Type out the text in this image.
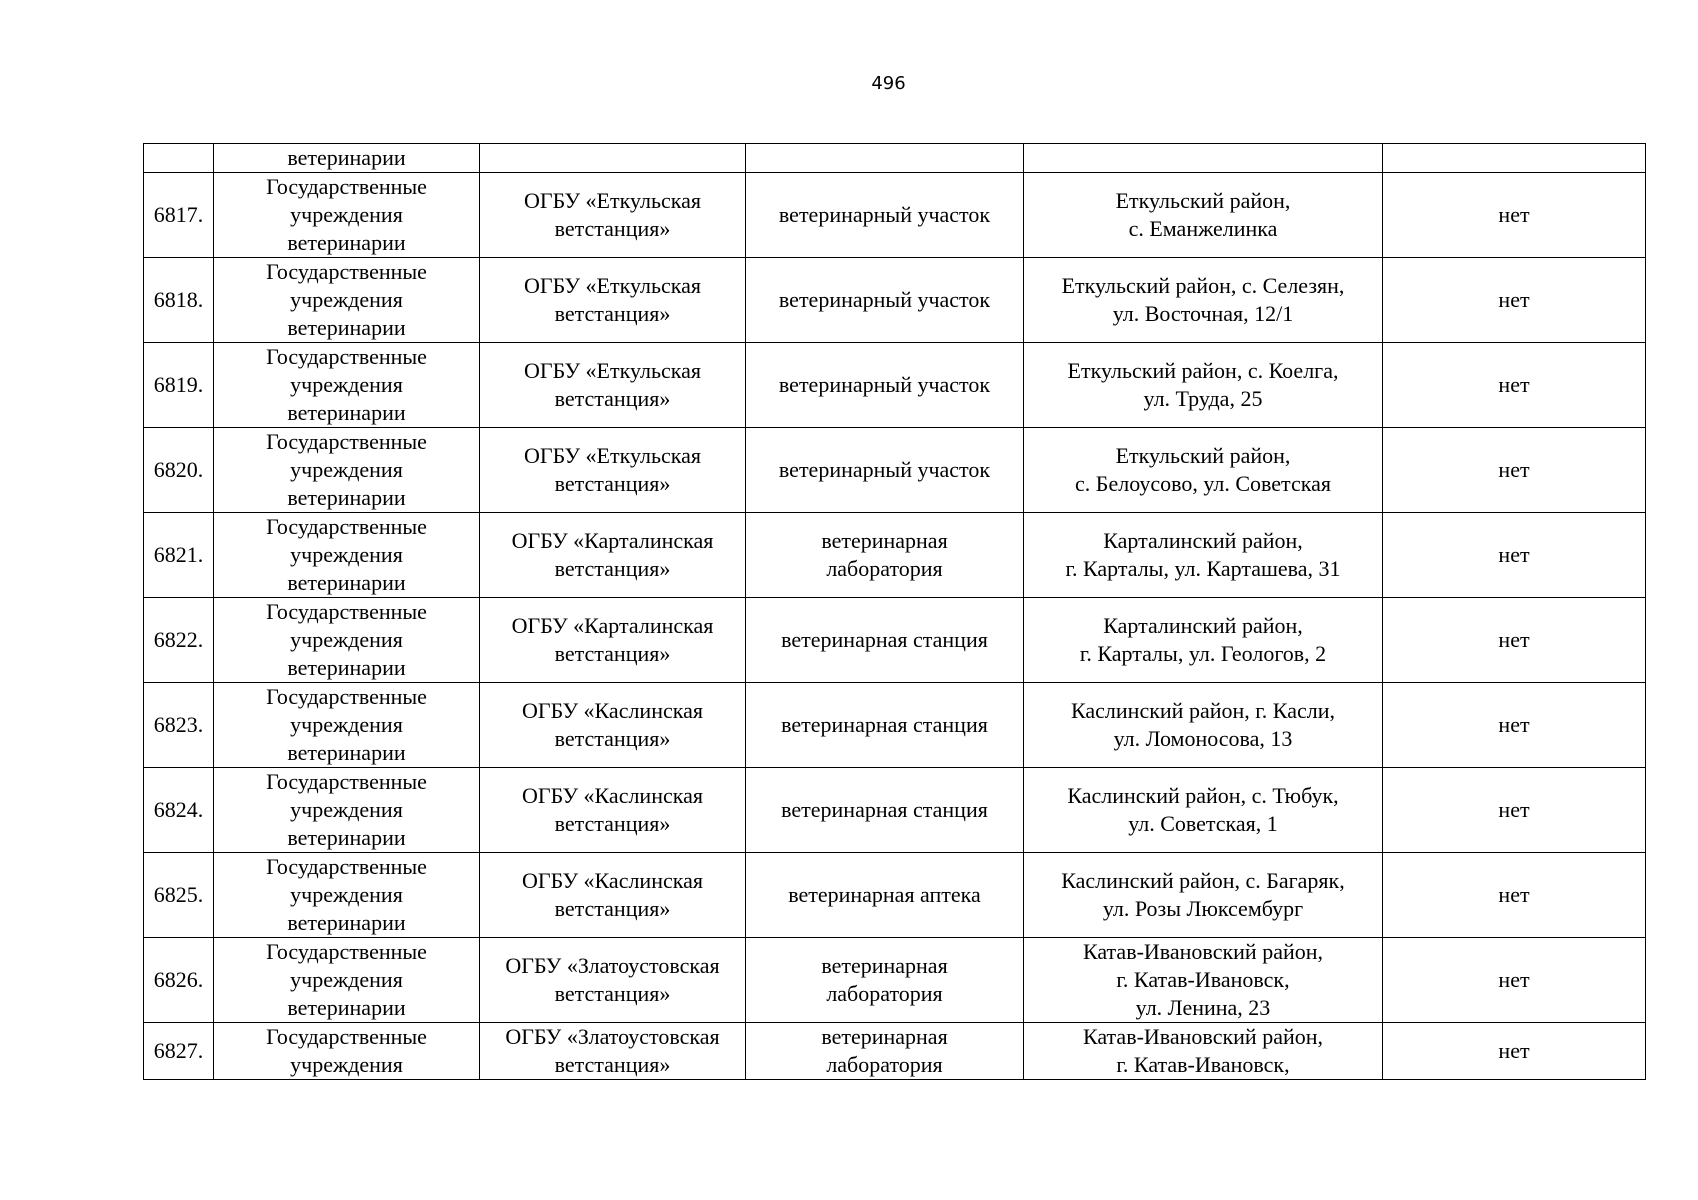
496

	ветеринарии				

6817.	Государственные
учреждения
ветеринарии	ОГБУ «Еткульская
ветстанция»	ветеринарный участок	Еткульский район,
с. Еманжелинка	нет
6818.	Государственные
учреждения
ветеринарии	ОГБУ «Еткульская
ветстанция»	ветеринарный участок	Еткульский район, с. Селезян,
ул. Восточная, 12/1	нет
6819.	Государственные
учреждения
ветеринарии	ОГБУ «Еткульская
ветстанция»	ветеринарный участок	Еткульский район, с. Коелга,
ул. Труда, 25	нет
6820.	Государственные
учреждения
ветеринарии	ОГБУ «Еткульская
ветстанция»	ветеринарный участок	Еткульский район,
с. Белоусово, ул. Советская	нет
6821.	Государственные
учреждения
ветеринарии	ОГБУ «Карталинская
ветстанция»	ветеринарная
лаборатория	Карталинский район,
г. Карталы, ул. Карташева, 31	нет
6822.	Государственные
учреждения
ветеринарии	ОГБУ «Карталинская
ветстанция»	ветеринарная станция	Карталинский район,
г. Карталы, ул. Геологов, 2	нет
6823.	Государственные
учреждения
ветеринарии	ОГБУ «Каслинская
ветстанция»	ветеринарная станция	Каслинский район, г. Касли,
ул. Ломоносова, 13	нет
6824.	Государственные
учреждения
ветеринарии	ОГБУ «Каслинская
ветстанция»	ветеринарная станция	Каслинский район, с. Тюбук,
ул. Советская, 1	нет
6825.	Государственные
учреждения
ветеринарии	ОГБУ «Каслинская
ветстанция»	ветеринарная аптека	Каслинский район, с. Багаряк,
ул. Розы Люксембург	нет
6826.	Государственные
учреждения
ветеринарии	ОГБУ «Златоустовская
ветстанция»	ветеринарная
лаборатория	Катав-Ивановский район,
г. Катав-Ивановск,
ул. Ленина, 23	нет
6827.	Государственные
учреждения	ОГБУ «Златоустовская
ветстанция»	ветеринарная
лаборатория	Катав-Ивановский район,
г. Катав-Ивановск,	нет
